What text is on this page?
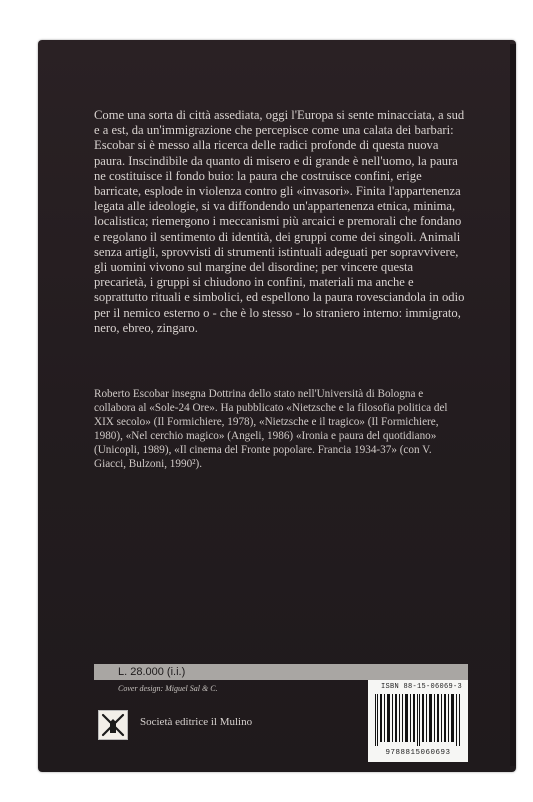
Come una sorta di città assediata, oggi l'Europa si sente minacciata, a sud e a est, da un'immigrazione che percepisce come una calata dei barbari: Escobar si è messo alla ricerca delle radici profonde di questa nuova paura. Inscindibile da quanto di misero e di grande è nell'uomo, la paura ne costituisce il fondo buio: la paura che costruisce confini, erige barricate, esplode in violenza contro gli «invasori». Finita l'appartenenza legata alle ideologie, si va diffondendo un'appartenenza etnica, minima, localistica; riemergono i meccanismi più arcaici e premorali che fondano e regolano il sentimento di identità, dei gruppi come dei singoli. Animali senza artigli, sprovvisti di strumenti istintuali adeguati per sopravvivere, gli uomini vivono sul margine del disordine; per vincere questa precarietà, i gruppi si chiudono in confini, materiali ma anche e soprattutto rituali e simbolici, ed espellono la paura rovesciandola in odio per il nemico esterno o - che è lo stesso - lo straniero interno: immigrato, nero, ebreo, zingaro.

Roberto Escobar insegna Dottrina dello stato nell'Università di Bologna e collabora al «Sole-24 Ore». Ha pubblicato «Nietzsche e la filosofia politica del XIX secolo» (Il Formichiere, 1978), «Nietzsche e il tragico» (Il Formichiere, 1980), «Nel cerchio magico» (Angeli, 1986) «Ironia e paura del quotidiano» (Unicopli, 1989), «Il cinema del Fronte popolare. Francia 1934-37» (con V. Giacci, Bulzoni, 1990²).

L. 28.000 (i.i.)
Cover design: Miguel Sal & C.	ISBN 88-15-06069-3
9788815060693
Società editrice il Mulino
